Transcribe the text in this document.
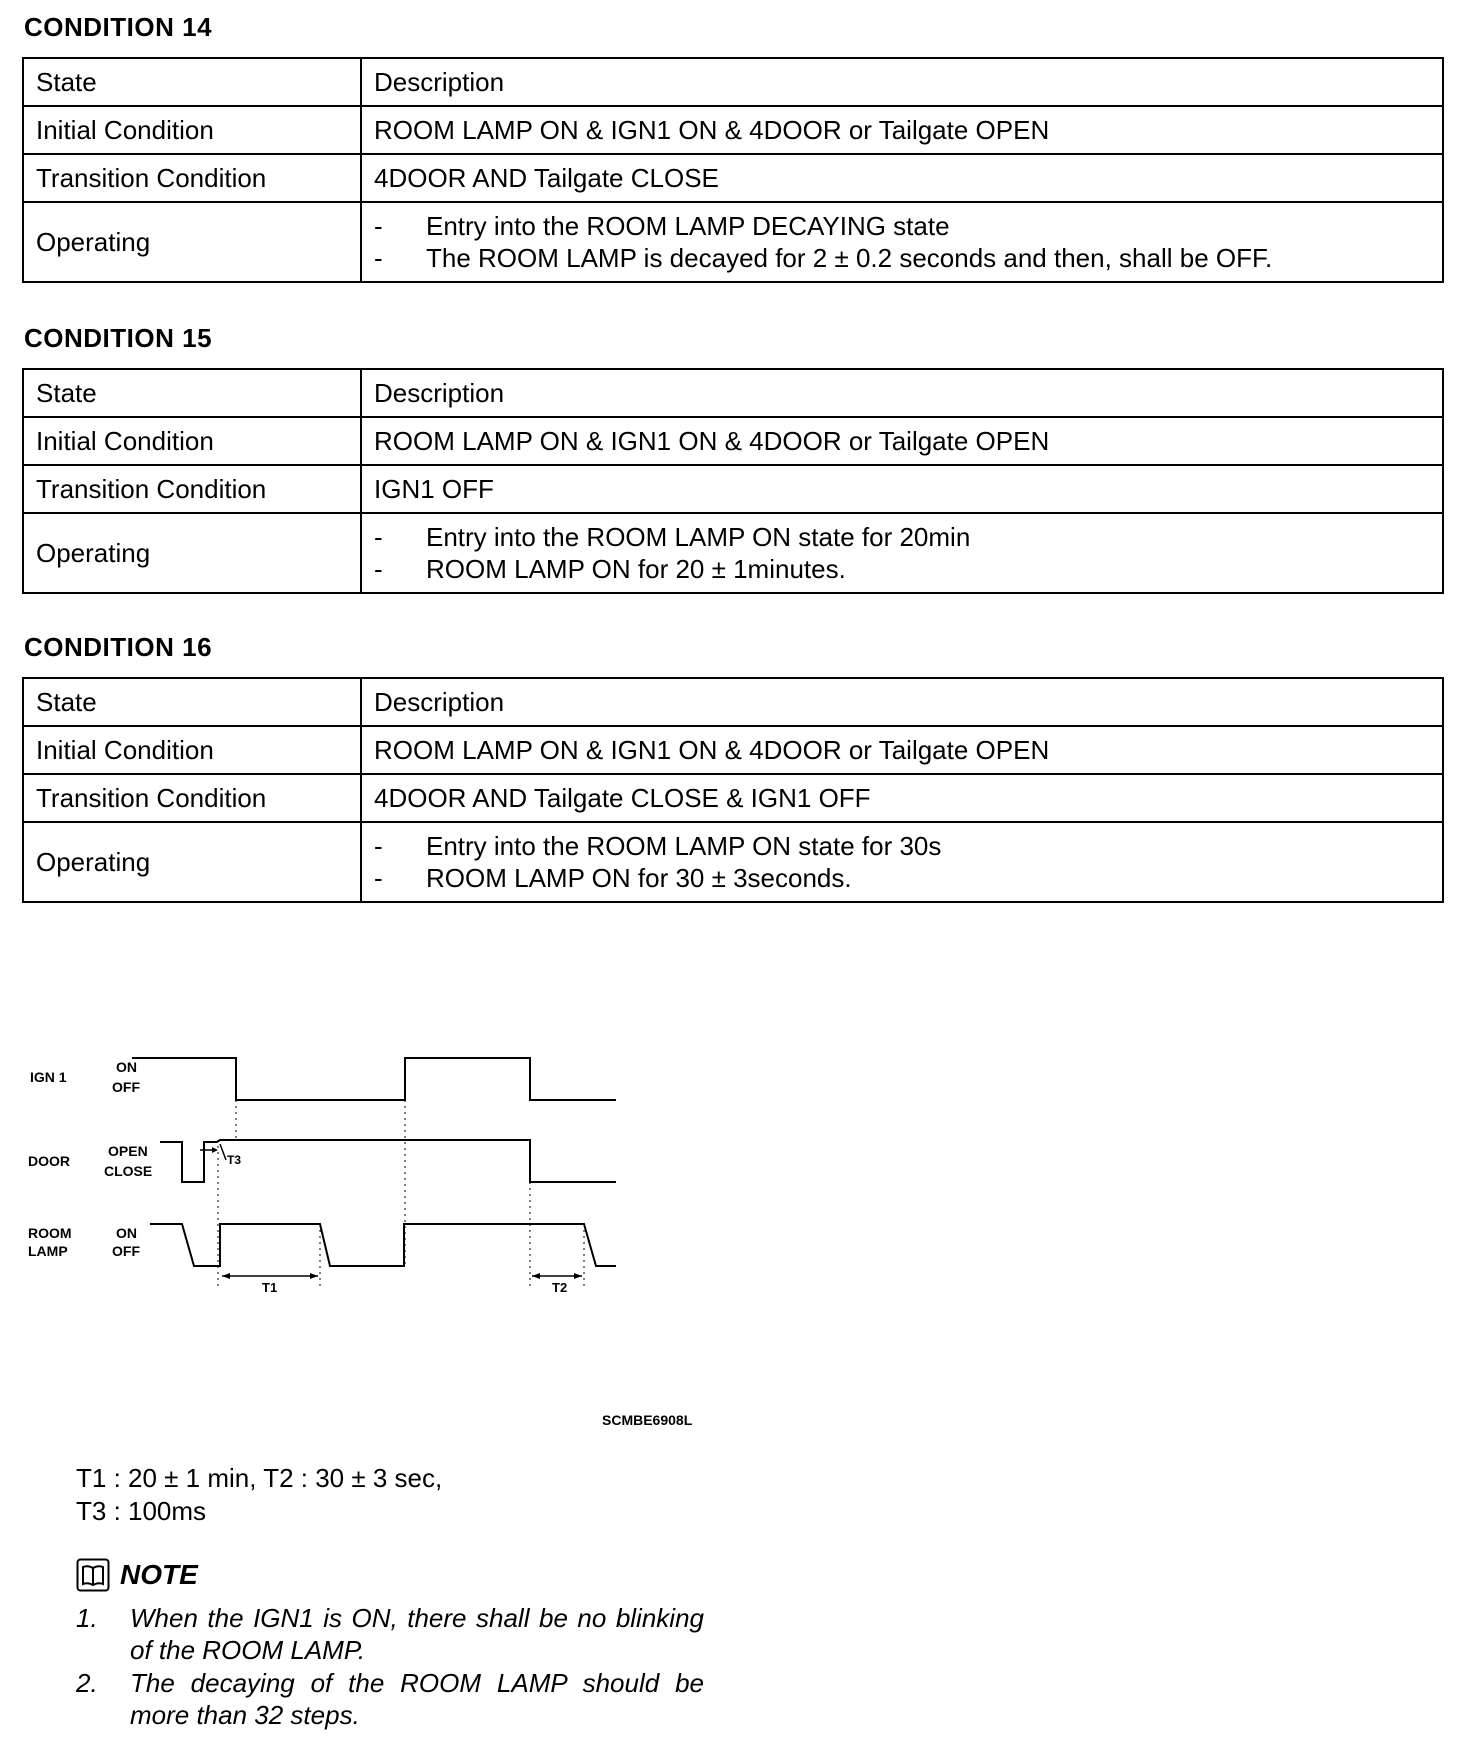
CONDITION 14
State	Description
Initial Condition	ROOM LAMP ON & IGN1 ON & 4DOOR or Tailgate OPEN
Transition Condition	4DOOR AND Tailgate CLOSE
Operating	- Entry into the ROOM LAMP DECAYING state
- The ROOM LAMP is decayed for 2 ± 0.2 seconds and then, shall be OFF.
CONDITION 15
State	Description
Initial Condition	ROOM LAMP ON & IGN1 ON & 4DOOR or Tailgate OPEN
Transition Condition	IGN1 OFF
Operating	- Entry into the ROOM LAMP ON state for 20min
- ROOM LAMP ON for 20 ± 1minutes.
CONDITION 16
State	Description
Initial Condition	ROOM LAMP ON & IGN1 ON & 4DOOR or Tailgate OPEN
Transition Condition	4DOOR AND Tailgate CLOSE & IGN1 OFF
Operating	- Entry into the ROOM LAMP ON state for 30s
- ROOM LAMP ON for 30 ± 3seconds.
IGN 1
ON
OFF
DOOR
OPEN
CLOSE
ROOM
LAMP
ON
OFF
T3
T1	T2
SCMBE6908L
T1 : 20 ± 1 min, T2 : 30 ± 3 sec,
T3 : 100ms
NOTE
1.	When the IGN1 is ON, there shall be no blinking of the ROOM LAMP.
2.	The decaying of the ROOM LAMP should be more than 32 steps.
